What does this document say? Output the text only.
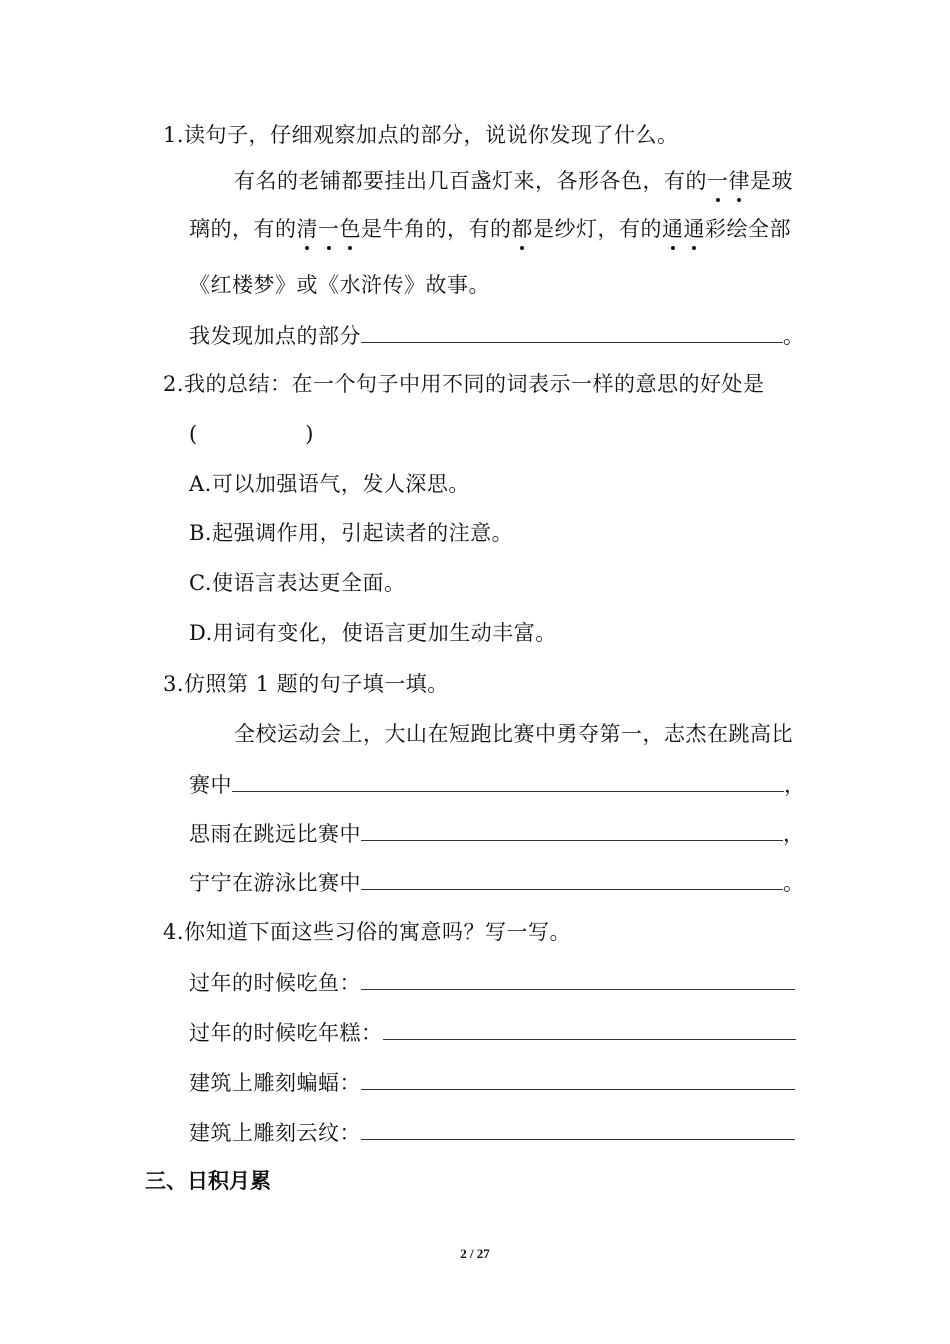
1.读句子，仔细观察加点的部分，说说你发现了什么。
有名的老铺都要挂出几百盏灯来，各形各色，有的一律是玻
璃的，有的清一色是牛角的，有的都是纱灯，有的通通彩绘全部
《红楼梦》或《水浒传》故事。
我发现加点的部分	。
2.我的总结：在一个句子中用不同的词表示一样的意思的好处是
(　　　　　)
A.可以加强语气，发人深思。
B.起强调作用，引起读者的注意。
C.使语言表达更全面。
D.用词有变化，使语言更加生动丰富。
3.仿照第 1 题的句子填一填。
全校运动会上，大山在短跑比赛中勇夺第一，志杰在跳高比
赛中	，
思雨在跳远比赛中	，
宁宁在游泳比赛中	。
4.你知道下面这些习俗的寓意吗？写一写。
过年的时候吃鱼：
过年的时候吃年糕：
建筑上雕刻蝙蝠：
建筑上雕刻云纹：
三、日积月累
2 / 27
